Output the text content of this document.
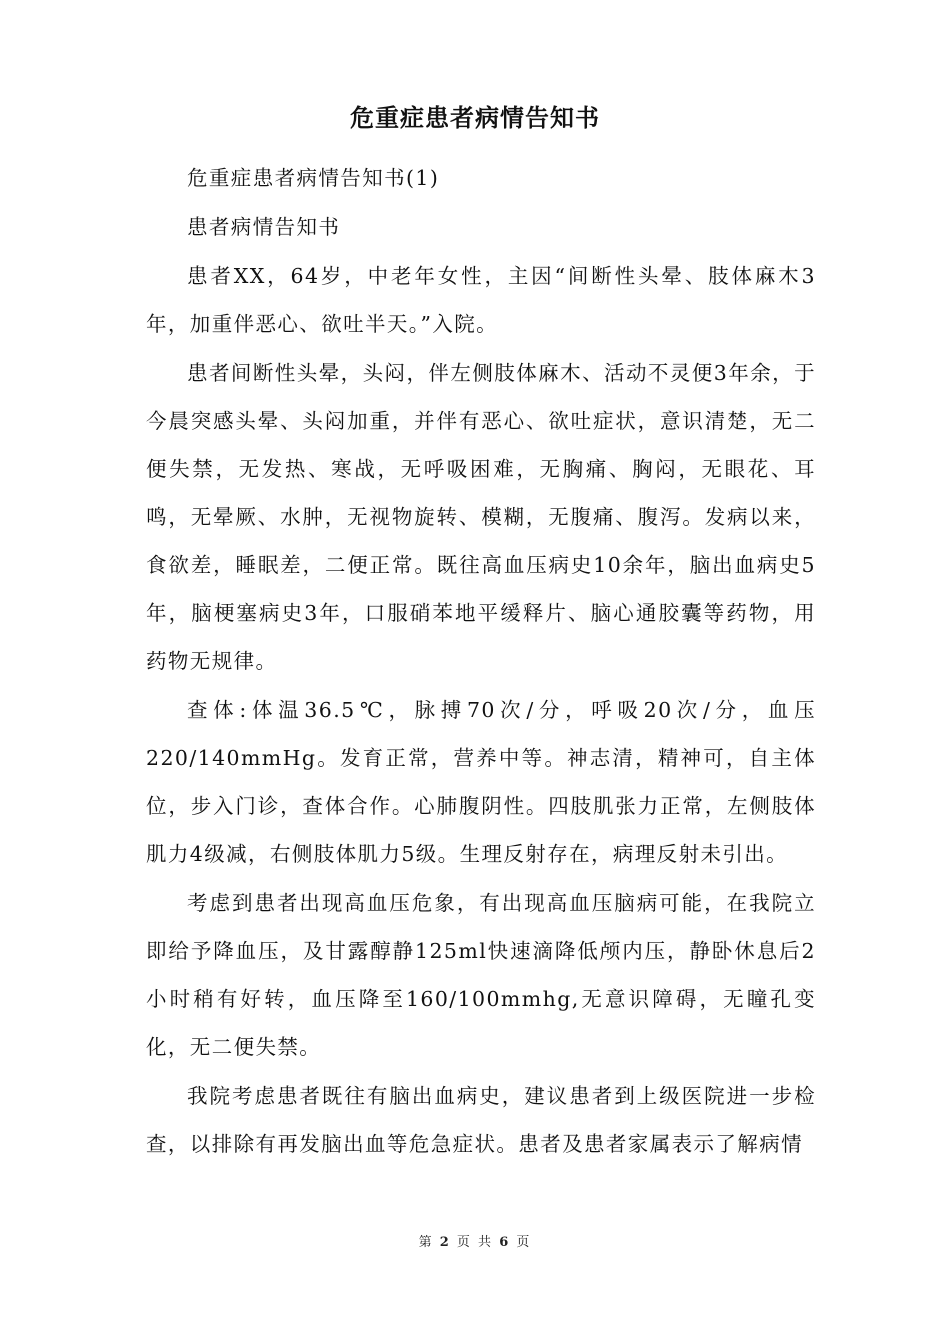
危重症患者病情告知书

危重症患者病情告知书(1)

患者病情告知书

患者XX，64岁，中老年女性，主因“间断性头晕、肢体麻木3年，加重伴恶心、欲吐半天。”入院。

患者间断性头晕，头闷，伴左侧肢体麻木、活动不灵便3年余，于今晨突感头晕、头闷加重，并伴有恶心、欲吐症状，意识清楚，无二便失禁，无发热、寒战，无呼吸困难，无胸痛、胸闷，无眼花、耳鸣，无晕厥、水肿，无视物旋转、模糊，无腹痛、腹泻。发病以来，食欲差，睡眠差，二便正常。既往高血压病史10余年，脑出血病史5年，脑梗塞病史3年，口服硝苯地平缓释片、脑心通胶囊等药物，用药物无规律。

查体:体温36.5℃，脉搏70次/分，呼吸20次/分，血压220/140mmHg。发育正常，营养中等。神志清，精神可，自主体位，步入门诊，查体合作。心肺腹阴性。四肢肌张力正常，左侧肢体肌力4级减，右侧肢体肌力5级。生理反射存在，病理反射未引出。

考虑到患者出现高血压危象，有出现高血压脑病可能，在我院立即给予降血压，及甘露醇静125ml快速滴降低颅内压，静卧休息后2小时稍有好转，血压降至160/100mmhg,无意识障碍，无瞳孔变化，无二便失禁。

我院考虑患者既往有脑出血病史，建议患者到上级医院进一步检查，以排除有再发脑出血等危急症状。患者及患者家属表示了解病情

第 2 页 共 6 页
